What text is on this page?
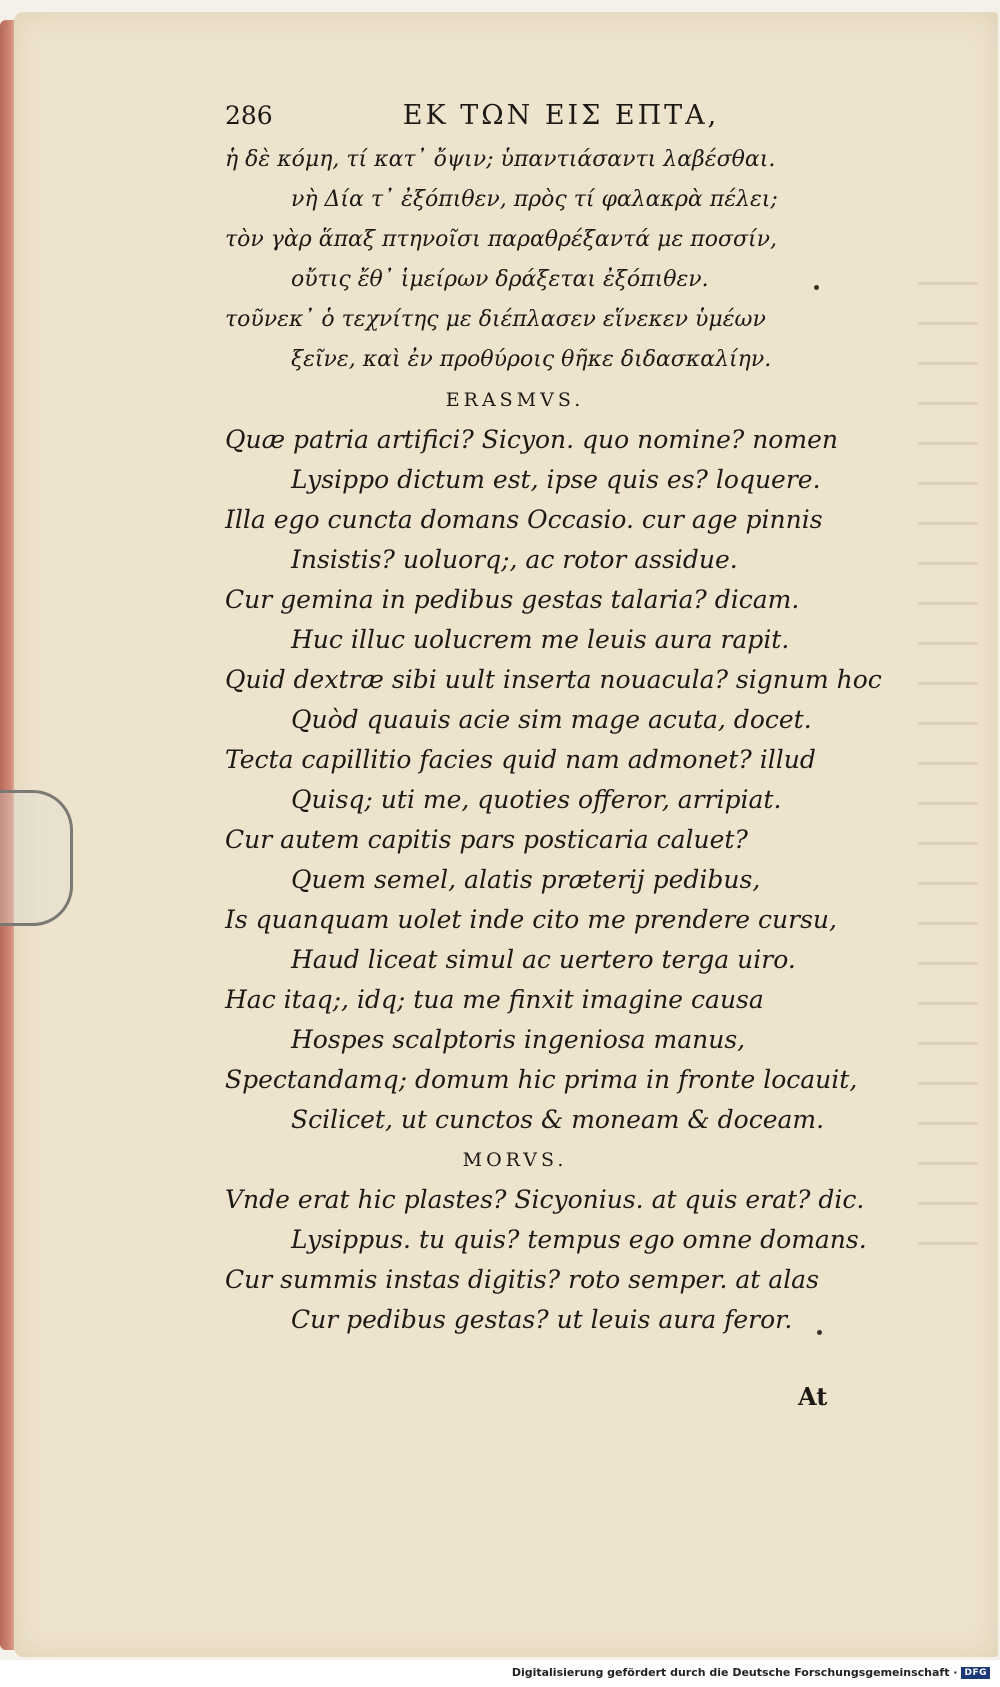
286	ΕΚ ΤΩΝ ΕΙΣ ΕΠΤΑ,
ἡ δὲ κόμη, τί κατ᾽ ὄψιν; ὑπαντιάσαντι λαβέσθαι.
νὴ Δία τ᾽ ἐξόπιθεν, πρὸς τί φαλακρὰ πέλει;
τὸν γὰρ ἅπαξ πτηνοῖσι παραθρέξαντά με ποσσίν,
οὔτις ἔθ᾽ ἱμείρων δράξεται ἐξόπιθεν.
τοῦνεκ᾽ ὁ τεχνίτης με διέπλασεν εἵνεκεν ὑμέων
ξεῖνε, καὶ ἐν προθύροις θῆκε διδασκαλίην.
ERASMVS.
Quæ patria artifici? Sicyon. quo nomine? nomen
Lysippo dictum est, ipse quis es? loquere.
Illa ego cuncta domans Occasio. cur age pinnis
Insistis? uoluorq;, ac rotor assidue.
Cur gemina in pedibus gestas talaria? dicam.
Huc illuc uolucrem me leuis aura rapit.
Quid dextræ sibi uult inserta nouacula? signum hoc
Quòd quauis acie sim mage acuta, docet.
Tecta capillitio facies quid nam admonet? illud
Quisq; uti me, quoties offeror, arripiat.
Cur autem capitis pars posticaria caluet?
Quem semel, alatis præterij pedibus,
Is quanquam uolet inde cito me prendere cursu,
Haud liceat simul ac uertero terga uiro.
Hac itaq;, idq; tua me finxit imagine causa
Hospes scalptoris ingeniosa manus,
Spectandamq; domum hic prima in fronte locauit,
Scilicet, ut cunctos & moneam & doceam.
MORVS.
Vnde erat hic plastes? Sicyonius. at quis erat? dic.
Lysippus. tu quis? tempus ego omne domans.
Cur summis instas digitis? roto semper. at alas
Cur pedibus gestas? ut leuis aura feror.
At
Digitalisierung gefördert durch die Deutsche Forschungsgemeinschaft · DFG
